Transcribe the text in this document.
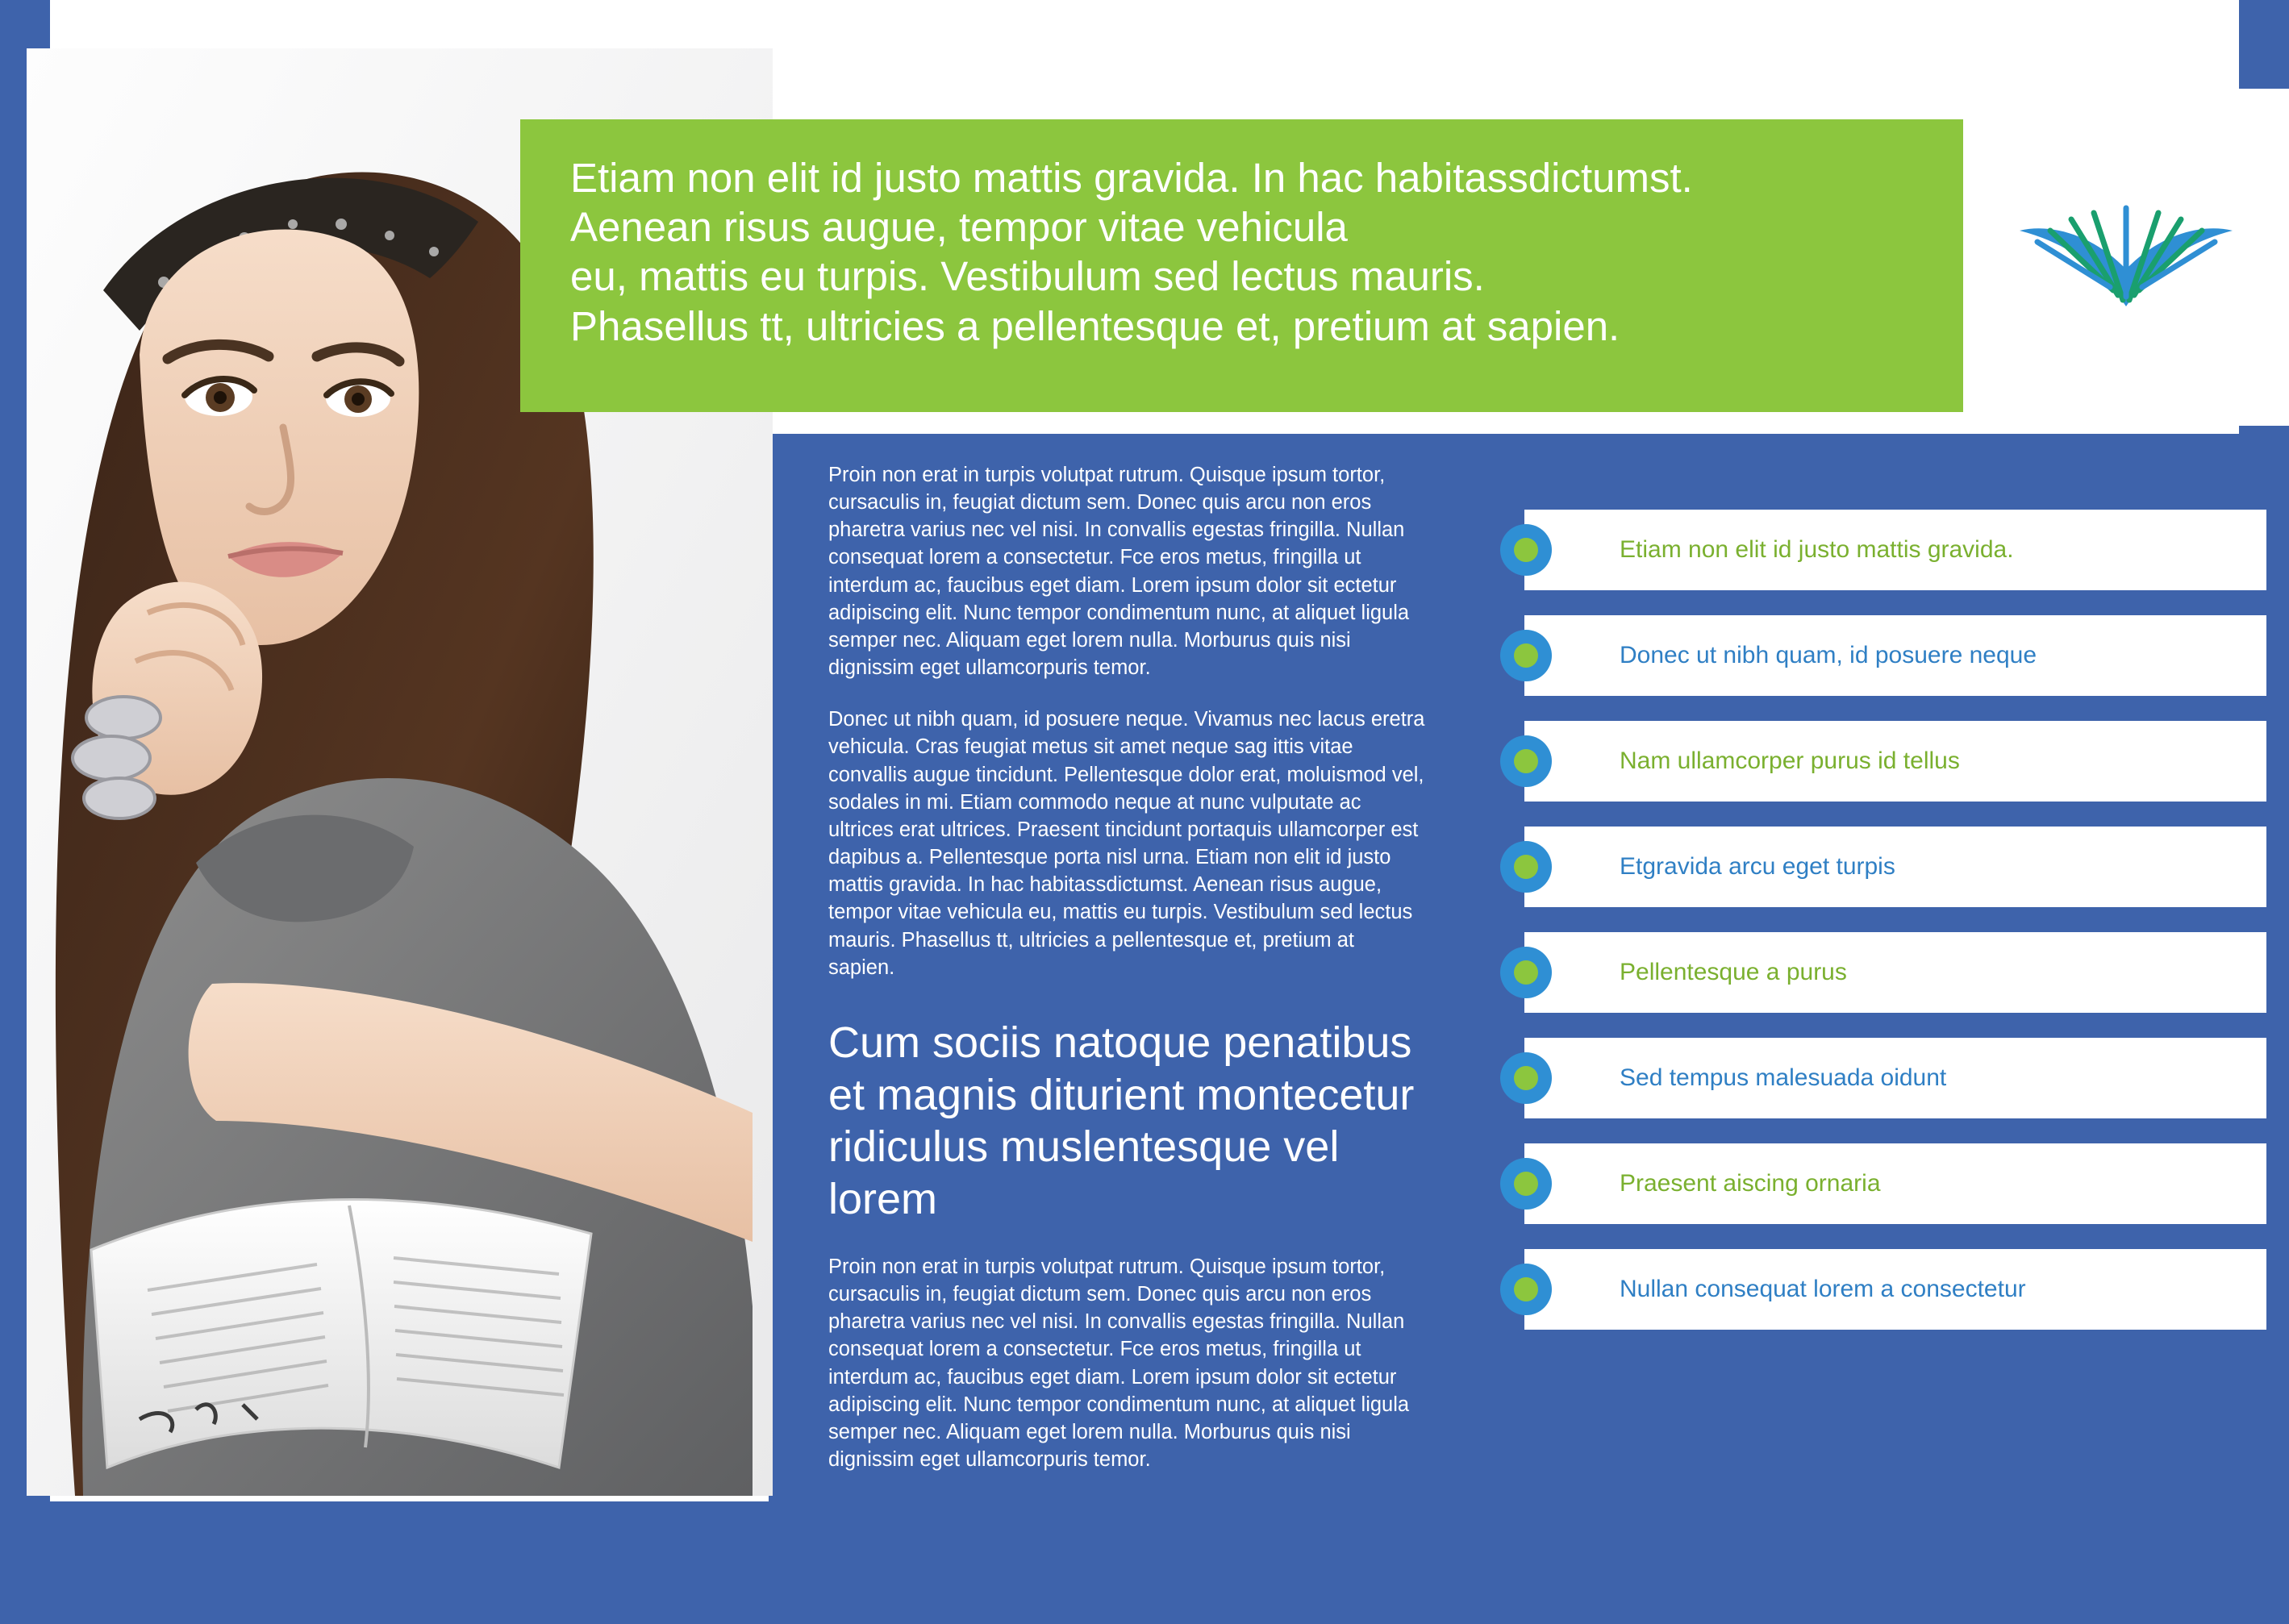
Etiam non elit id justo mattis gravida. In hac habitassdictumst.

Aenean risus augue, tempor vitae vehicula

eu, mattis eu turpis. Vestibulum sed lectus mauris.

Phasellus tt, ultricies a pellentesque et, pretium at sapien.

Proin non erat in turpis volutpat rutrum. Quisque ipsum tortor, cursaculis in, feugiat dictum sem. Donec quis arcu non eros pharetra varius nec vel nisi. In convallis egestas fringilla. Nullan consequat lorem a consectetur. Fce eros metus, fringilla ut interdum ac, faucibus eget diam. Lorem ipsum dolor sit ectetur adipiscing elit. Nunc tempor condimentum nunc, at aliquet ligula semper nec. Aliquam eget lorem nulla. Morburus quis nisi dignissim eget ullamcorpuris temor.

Donec ut nibh quam, id posuere neque. Vivamus nec lacus eretra vehicula. Cras feugiat metus sit amet neque sag ittis vitae convallis augue tincidunt. Pellentesque dolor erat, moluismod vel, sodales in mi. Etiam commodo neque at nunc vulputate ac ultrices erat ultrices. Praesent tincidunt portaquis ullamcorper est dapibus a. Pellentesque porta nisl urna. Etiam non elit id justo mattis gravida. In hac habitassdictumst. Aenean risus augue, tempor vitae vehicula eu, mattis eu turpis. Vestibulum sed lectus mauris. Phasellus tt, ultricies a pellentesque et, pretium at sapien.

Cum sociis natoque penatibus et magnis diturient montecetur ridiculus muslentesque vel lorem

Proin non erat in turpis volutpat rutrum. Quisque ipsum tortor, cursaculis in, feugiat dictum sem. Donec quis arcu non eros pharetra varius nec vel nisi. In convallis egestas fringilla. Nullan consequat lorem a consectetur. Fce eros metus, fringilla ut interdum ac, faucibus eget diam. Lorem ipsum dolor sit ectetur adipiscing elit. Nunc tempor condimentum nunc, at aliquet ligula semper nec. Aliquam eget lorem nulla. Morburus quis nisi dignissim eget ullamcorpuris temor.

Etiam non elit id justo mattis gravida.
Donec ut nibh quam, id posuere neque
Nam ullamcorper purus id tellus
Etgravida arcu eget turpis
Pellentesque a purus
Sed tempus malesuada oidunt
Praesent aiscing ornaria
Nullan consequat lorem a consectetur
